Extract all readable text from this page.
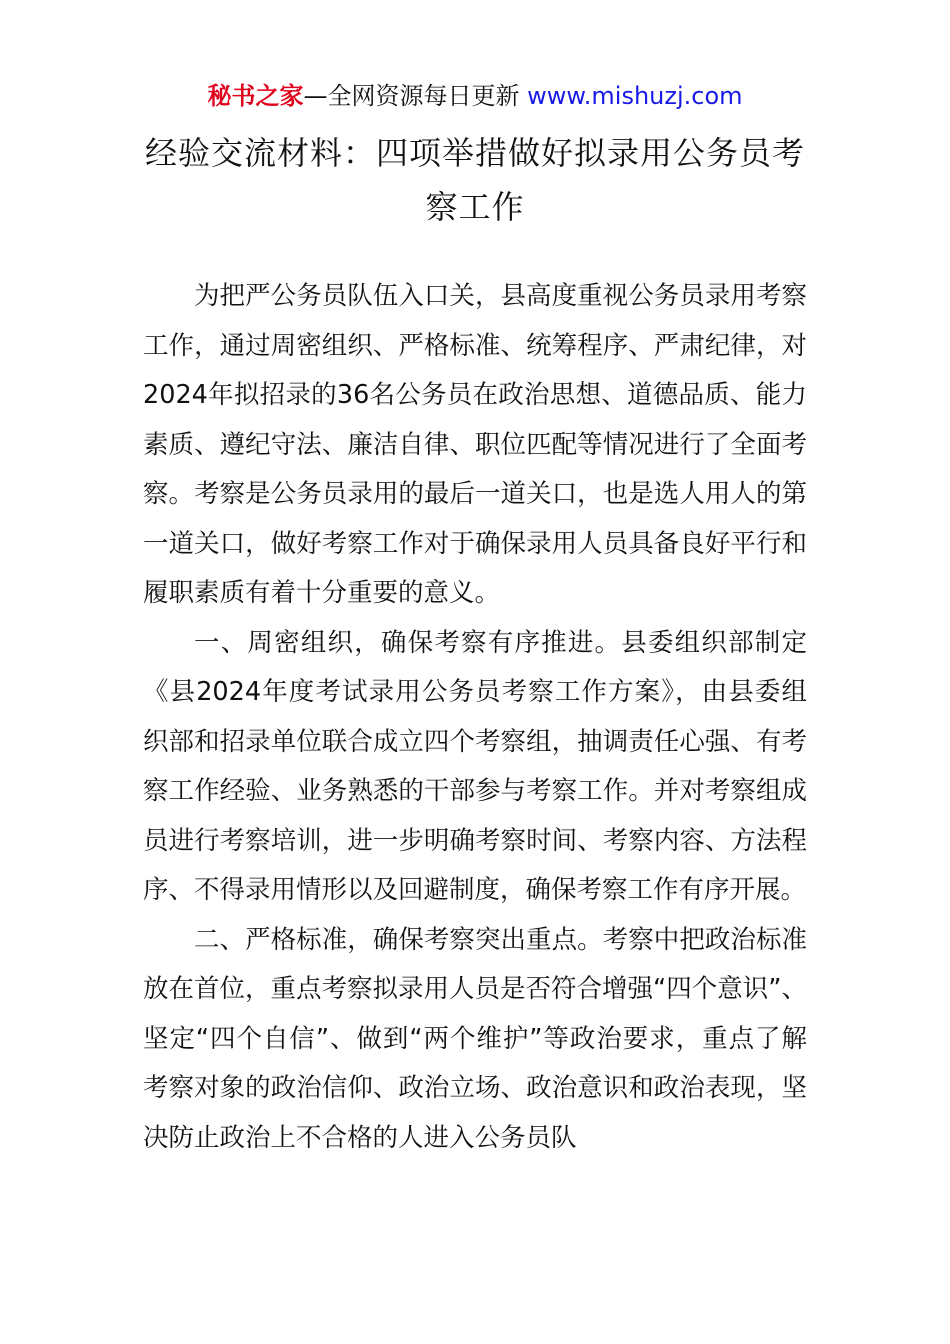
秘书之家—全网资源每日更新 www.mishuzj.com
经验交流材料：四项举措做好拟录用公务员考察工作

为把严公务员队伍入口关，县高度重视公务员录用考察工作，通过周密组织、严格标准、统筹程序、严肃纪律，对2024年拟招录的36名公务员在政治思想、道德品质、能力素质、遵纪守法、廉洁自律、职位匹配等情况进行了全面考察。考察是公务员录用的最后一道关口，也是选人用人的第一道关口，做好考察工作对于确保录用人员具备良好平行和履职素质有着十分重要的意义。

一、周密组织，确保考察有序推进。县委组织部制定《县2024年度考试录用公务员考察工作方案》，由县委组织部和招录单位联合成立四个考察组，抽调责任心强、有考察工作经验、业务熟悉的干部参与考察工作。并对考察组成员进行考察培训，进一步明确考察时间、考察内容、方法程序、不得录用情形以及回避制度，确保考察工作有序开展。

二、严格标准，确保考察突出重点。考察中把政治标准放在首位，重点考察拟录用人员是否符合增强“四个意识”、坚定“四个自信”、做到“两个维护”等政治要求，重点了解考察对象的政治信仰、政治立场、政治意识和政治表现，坚决防止政治上不合格的人进入公务员队
